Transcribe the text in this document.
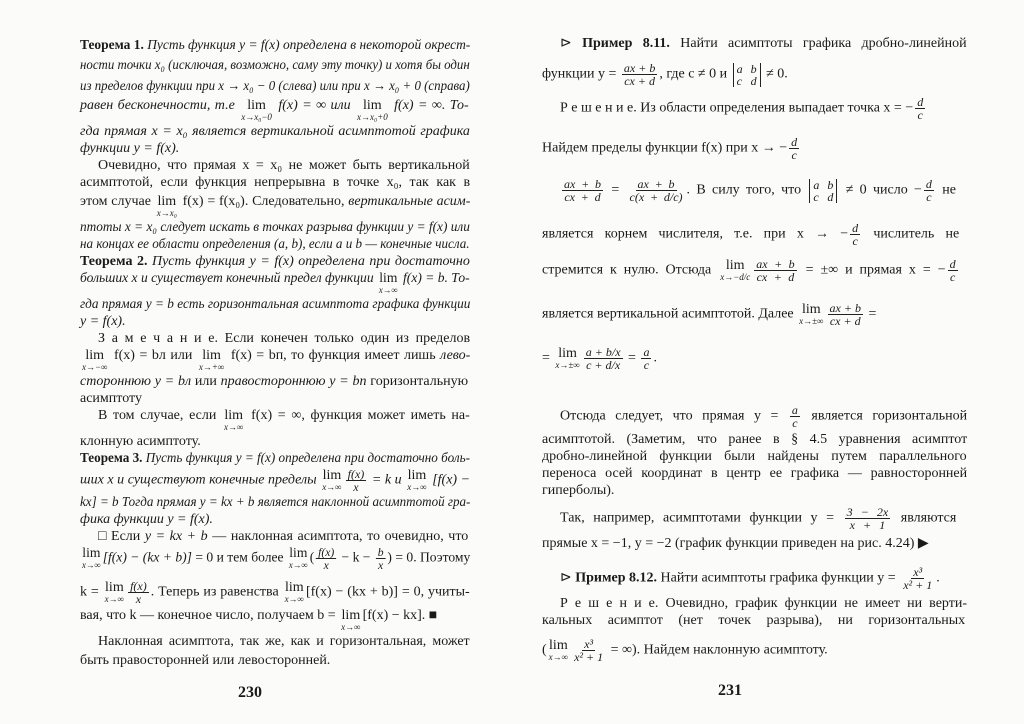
230
Теорема 1. Пусть функция y = f(x) определена в некоторой окрест-
ности точки x₀ (исключая, возможно, саму эту точку) и хотя бы один
из пределов функции при x → x₀ − 0 (слева) или при x → x₀ + 0 (справа)
равен бесконечности, т.е lim
x→x₀−0
f(x) = ∞ или lim
x→x₀+0
f(x) = ∞. То-
гда прямая x = x₀ является вертикальной асимптотой графика
функции y = f(x).
Очевидно, что прямая x = x₀ не может быть вертикальной
асимптотой, если функция непрерывна в точке x₀, так как в
этом случае lim
x→x₀
f(x) = f(x₀). Следовательно, вертикальные асим-
птоты x = x₀ следует искать в точках разрыва функции y = f(x) или
на концах ее области определения (a, b), если a и b — конечные числа.
Теорема 2. Пусть функция y = f(x) определена при достаточно
больших x и существует конечный предел функции lim
x→∞
f(x) = b. То-
гда прямая y = b есть горизонтальная асимптота графика функции
y = f(x).
З а м е ч а н и е. Если конечен только один из пределов
lim
x→−∞
f(x) = bл или lim
x→+∞
f(x) = bп, то функция имеет лишь лево-
стороннюю y = bл или правостороннюю y = bп горизонтальную
асимптоту
В том случае, если lim
x→∞
f(x) = ∞, функция может иметь на-
клонную асимптоту.
Теорема 3. Пусть функция y = f(x) определена при достаточно боль-
ших x и существуют конечные пределы lim
$x\to\infty \frac{f(x)}{x} = k$ и lim
x→∞ [f(x) −
kx] = b Тогда прямая y = kx + b является наклонной асимптотой гра-
фика функции y = f(x).
□ Если y = kx + b — наклонная асимптота, то очевидно, что
lim
x→∞ [f(x) − (kx + b)] = 0 и тем более lim
x→∞ ( $\frac{f(x)}{x} - k - \frac{b}{x}$ ) = 0. Поэтому
k = lim
$x\to\infty \frac{f(x)}{x}$ . Теперь из равенства lim
x→∞ [f(x) − (kx + b)] = 0, учиты-
вая, что k — конечное число, получаем b = lim
x→∞
[f(x) − kx]. ■
Наклонная асимптота, так же, как и горизонтальная, может
быть правосторонней или левосторонней.
231
⊳ Пример 8.11. Найти асимптоты графика дробно-линейной
функции $y = \frac{ax + b}{cx + d}$ , где c ≠ 0 и a b
c d ≠ 0.
Р е ш е н и е. Из области определения выпадает точка x = − $\frac{d}{c}$
Найдем пределы функции f(x) при x → − $\frac{d}{c}$
$\frac{ax + b}{cx + d} = \frac{ax + b}{c(x + d/c)}$ . В силу того, что a b
c d ≠ 0 число − $\frac{d}{c}$ не
является корнем числителя, т.е. при x → − $\frac{d}{c}$ числитель не
стремится к нулю. Отсюда lim
$x\to-d/c \frac{ax + b}{cx + d}$ = ±∞ и прямая x = − $\frac{d}{c}$
является вертикальной асимптотой. Далее lim
$x\to\pm\infty \frac{ax + b}{cx + d}$ =
= lim
$x\to\pm\infty \frac{a + b/x}{c + d/x} = \frac{a}{c}$ .
Отсюда следует, что прямая $y = \frac{a}{c}$ является горизонтальной
асимптотой. (Заметим, что ранее в § 4.5 уравнения асимптот
дробно-линейной функции были найдены путем параллельного
переноса осей координат в центр ее графика — равносторонней
гиперболы).
Так, например, асимптотами функции $y = \frac{3 - 2x}{x + 1}$ являются
прямые x = −1, y = −2 (график функции приведен на рис. 4.24) ▶
⊳ Пример 8.12. Найти асимптоты графика функции $y = \frac{\text{x³}}{\text{x² + 1}}$ .
Р е ш е н и е. Очевидно, график функции не имеет ни верти-
кальных асимптот (нет точек разрыва), ни горизонтальных
( lim
$x\to\infty \frac{\text{x³}}{\text{x² + 1}}$ = ∞). Найдем наклонную асимптоту.
